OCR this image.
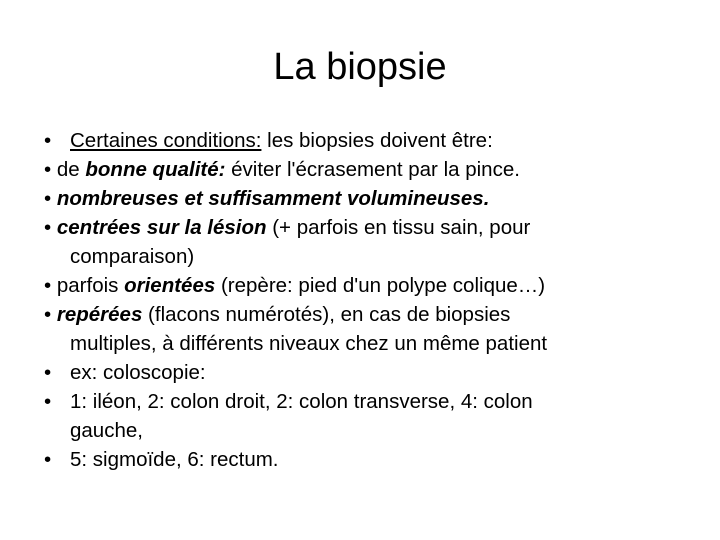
La biopsie
• Certaines conditions: les biopsies doivent être:
• de bonne qualité: éviter l'écrasement par la pince.
• nombreuses et suffisamment volumineuses.
• centrées sur la lésion (+ parfois en tissu sain, pour
comparaison)
• parfois orientées (repère: pied d'un polype colique…)
• repérées (flacons numérotés), en cas de biopsies
multiples, à différents niveaux chez un même patient
• ex: coloscopie:
• 1: iléon, 2: colon droit, 2: colon transverse, 4: colon
gauche,
• 5: sigmoïde, 6: rectum.
